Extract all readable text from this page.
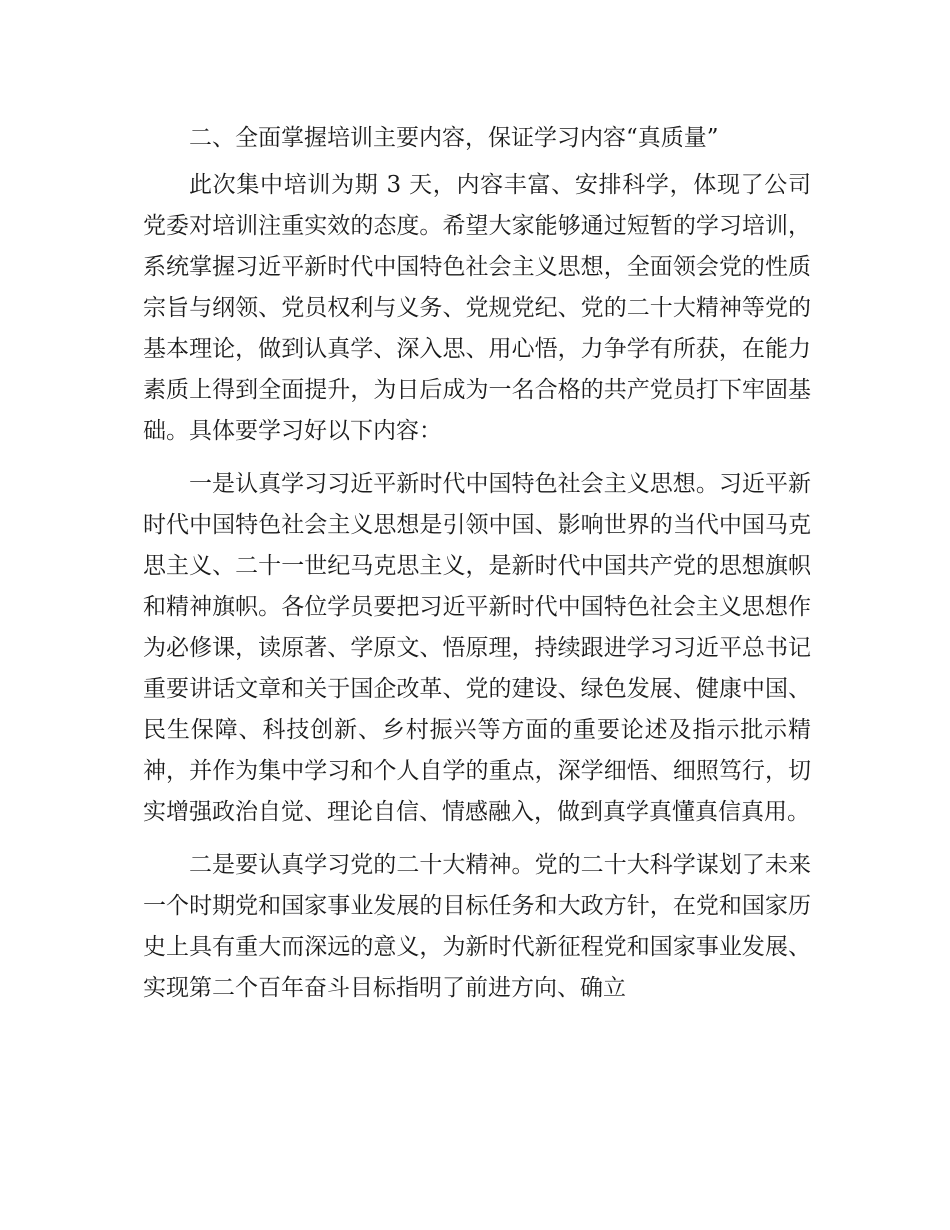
二、全面掌握培训主要内容，保证学习内容“真质量”

此次集中培训为期 3 天，内容丰富、安排科学，体现了公司党委对培训注重实效的态度。希望大家能够通过短暂的学习培训，系统掌握习近平新时代中国特色社会主义思想，全面领会党的性质宗旨与纲领、党员权利与义务、党规党纪、党的二十大精神等党的基本理论，做到认真学、深入思、用心悟，力争学有所获，在能力素质上得到全面提升，为日后成为一名合格的共产党员打下牢固基础。具体要学习好以下内容：

一是认真学习习近平新时代中国特色社会主义思想。习近平新时代中国特色社会主义思想是引领中国、影响世界的当代中国马克思主义、二十一世纪马克思主义，是新时代中国共产党的思想旗帜和精神旗帜。各位学员要把习近平新时代中国特色社会主义思想作为必修课，读原著、学原文、悟原理，持续跟进学习习近平总书记重要讲话文章和关于国企改革、党的建设、绿色发展、健康中国、民生保障、科技创新、乡村振兴等方面的重要论述及指示批示精神，并作为集中学习和个人自学的重点，深学细悟、细照笃行，切实增强政治自觉、理论自信、情感融入，做到真学真懂真信真用。

二是要认真学习党的二十大精神。党的二十大科学谋划了未来一个时期党和国家事业发展的目标任务和大政方针，在党和国家历史上具有重大而深远的意义，为新时代新征程党和国家事业发展、实现第二个百年奋斗目标指明了前进方向、确立
